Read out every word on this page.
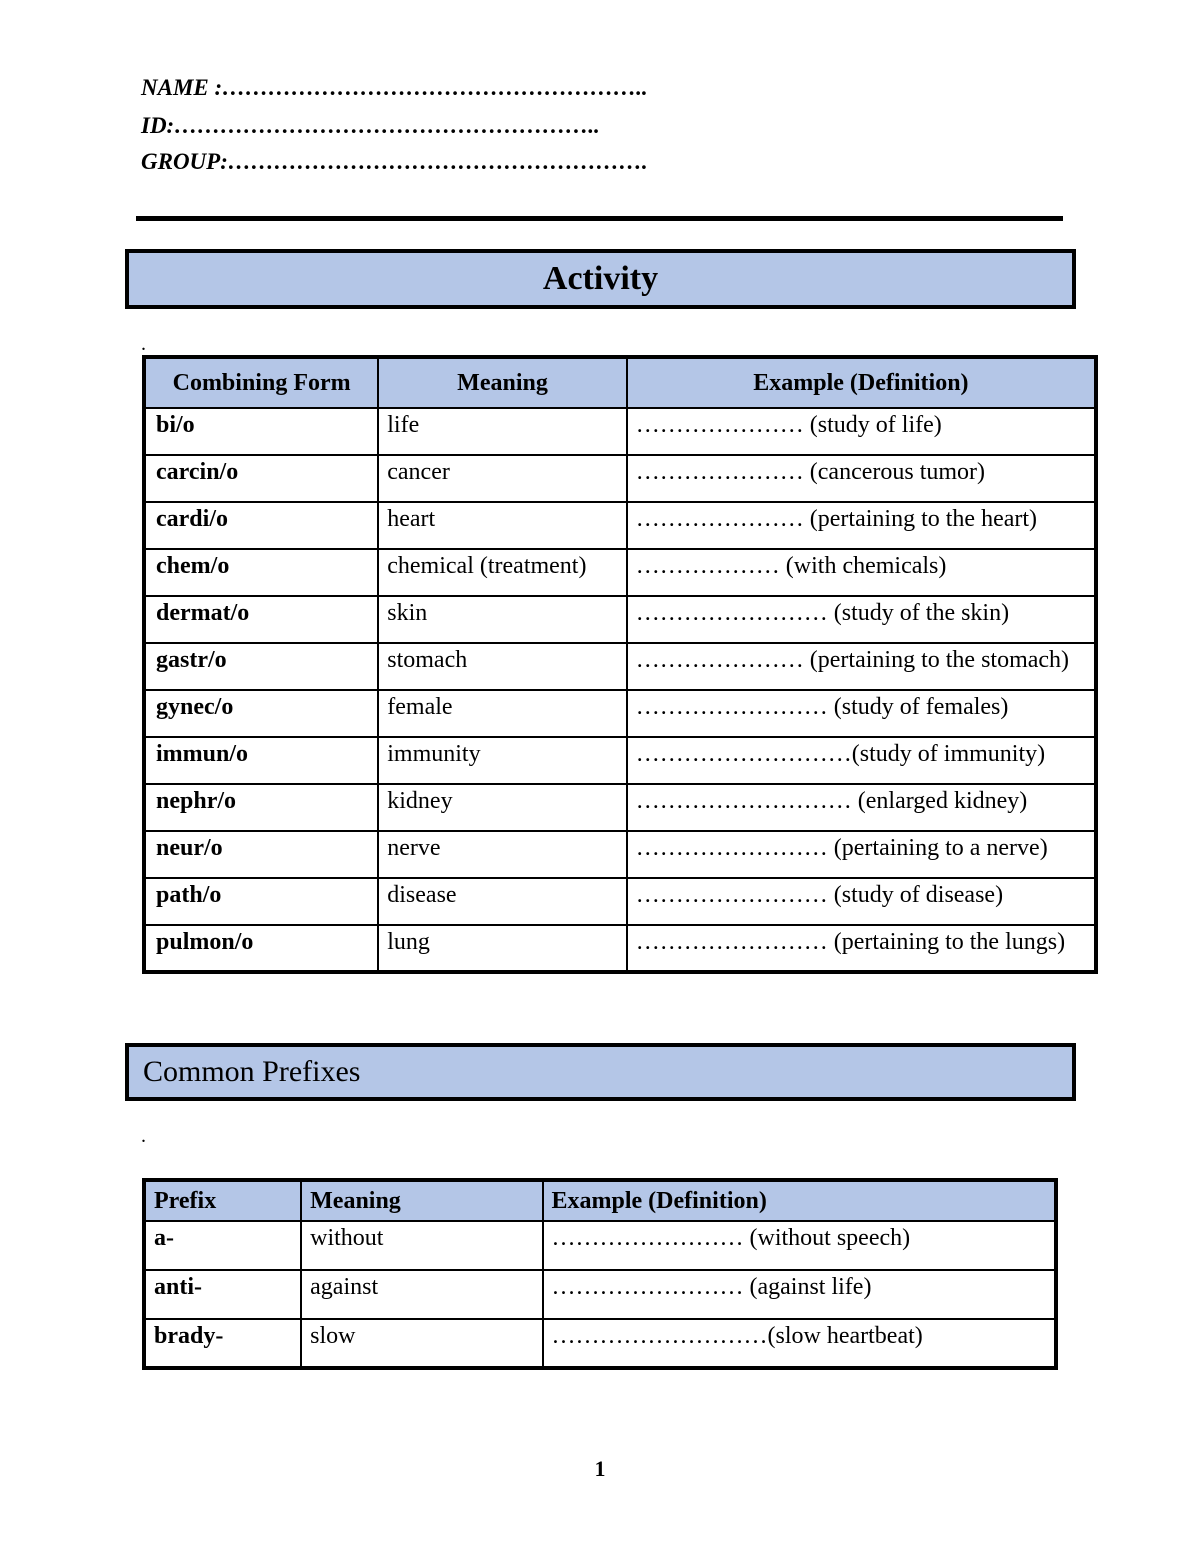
NAME :………………………………………………..
ID:………………………………………………..
GROUP:……………………………………………….
Activity
.
Combining Form	Meaning	Example (Definition)
bi/o	life	………………… (study of life)
carcin/o	cancer	………………… (cancerous tumor)
cardi/o	heart	………………… (pertaining to the heart)
chem/o	chemical (treatment)	……………… (with chemicals)
dermat/o	skin	…………………… (study of the skin)
gastr/o	stomach	………………… (pertaining to the stomach)
gynec/o	female	…………………… (study of females)
immun/o	immunity	………………………(study of immunity)
nephr/o	kidney	……………………… (enlarged kidney)
neur/o	nerve	…………………… (pertaining to a nerve)
path/o	disease	…………………… (study of disease)
pulmon/o	lung	…………………… (pertaining to the lungs)
Common Prefixes
.
Prefix	Meaning	Example (Definition)
a-	without	…………………… (without speech)
anti-	against	…………………… (against life)
brady-	slow	………………………(slow heartbeat)
1
